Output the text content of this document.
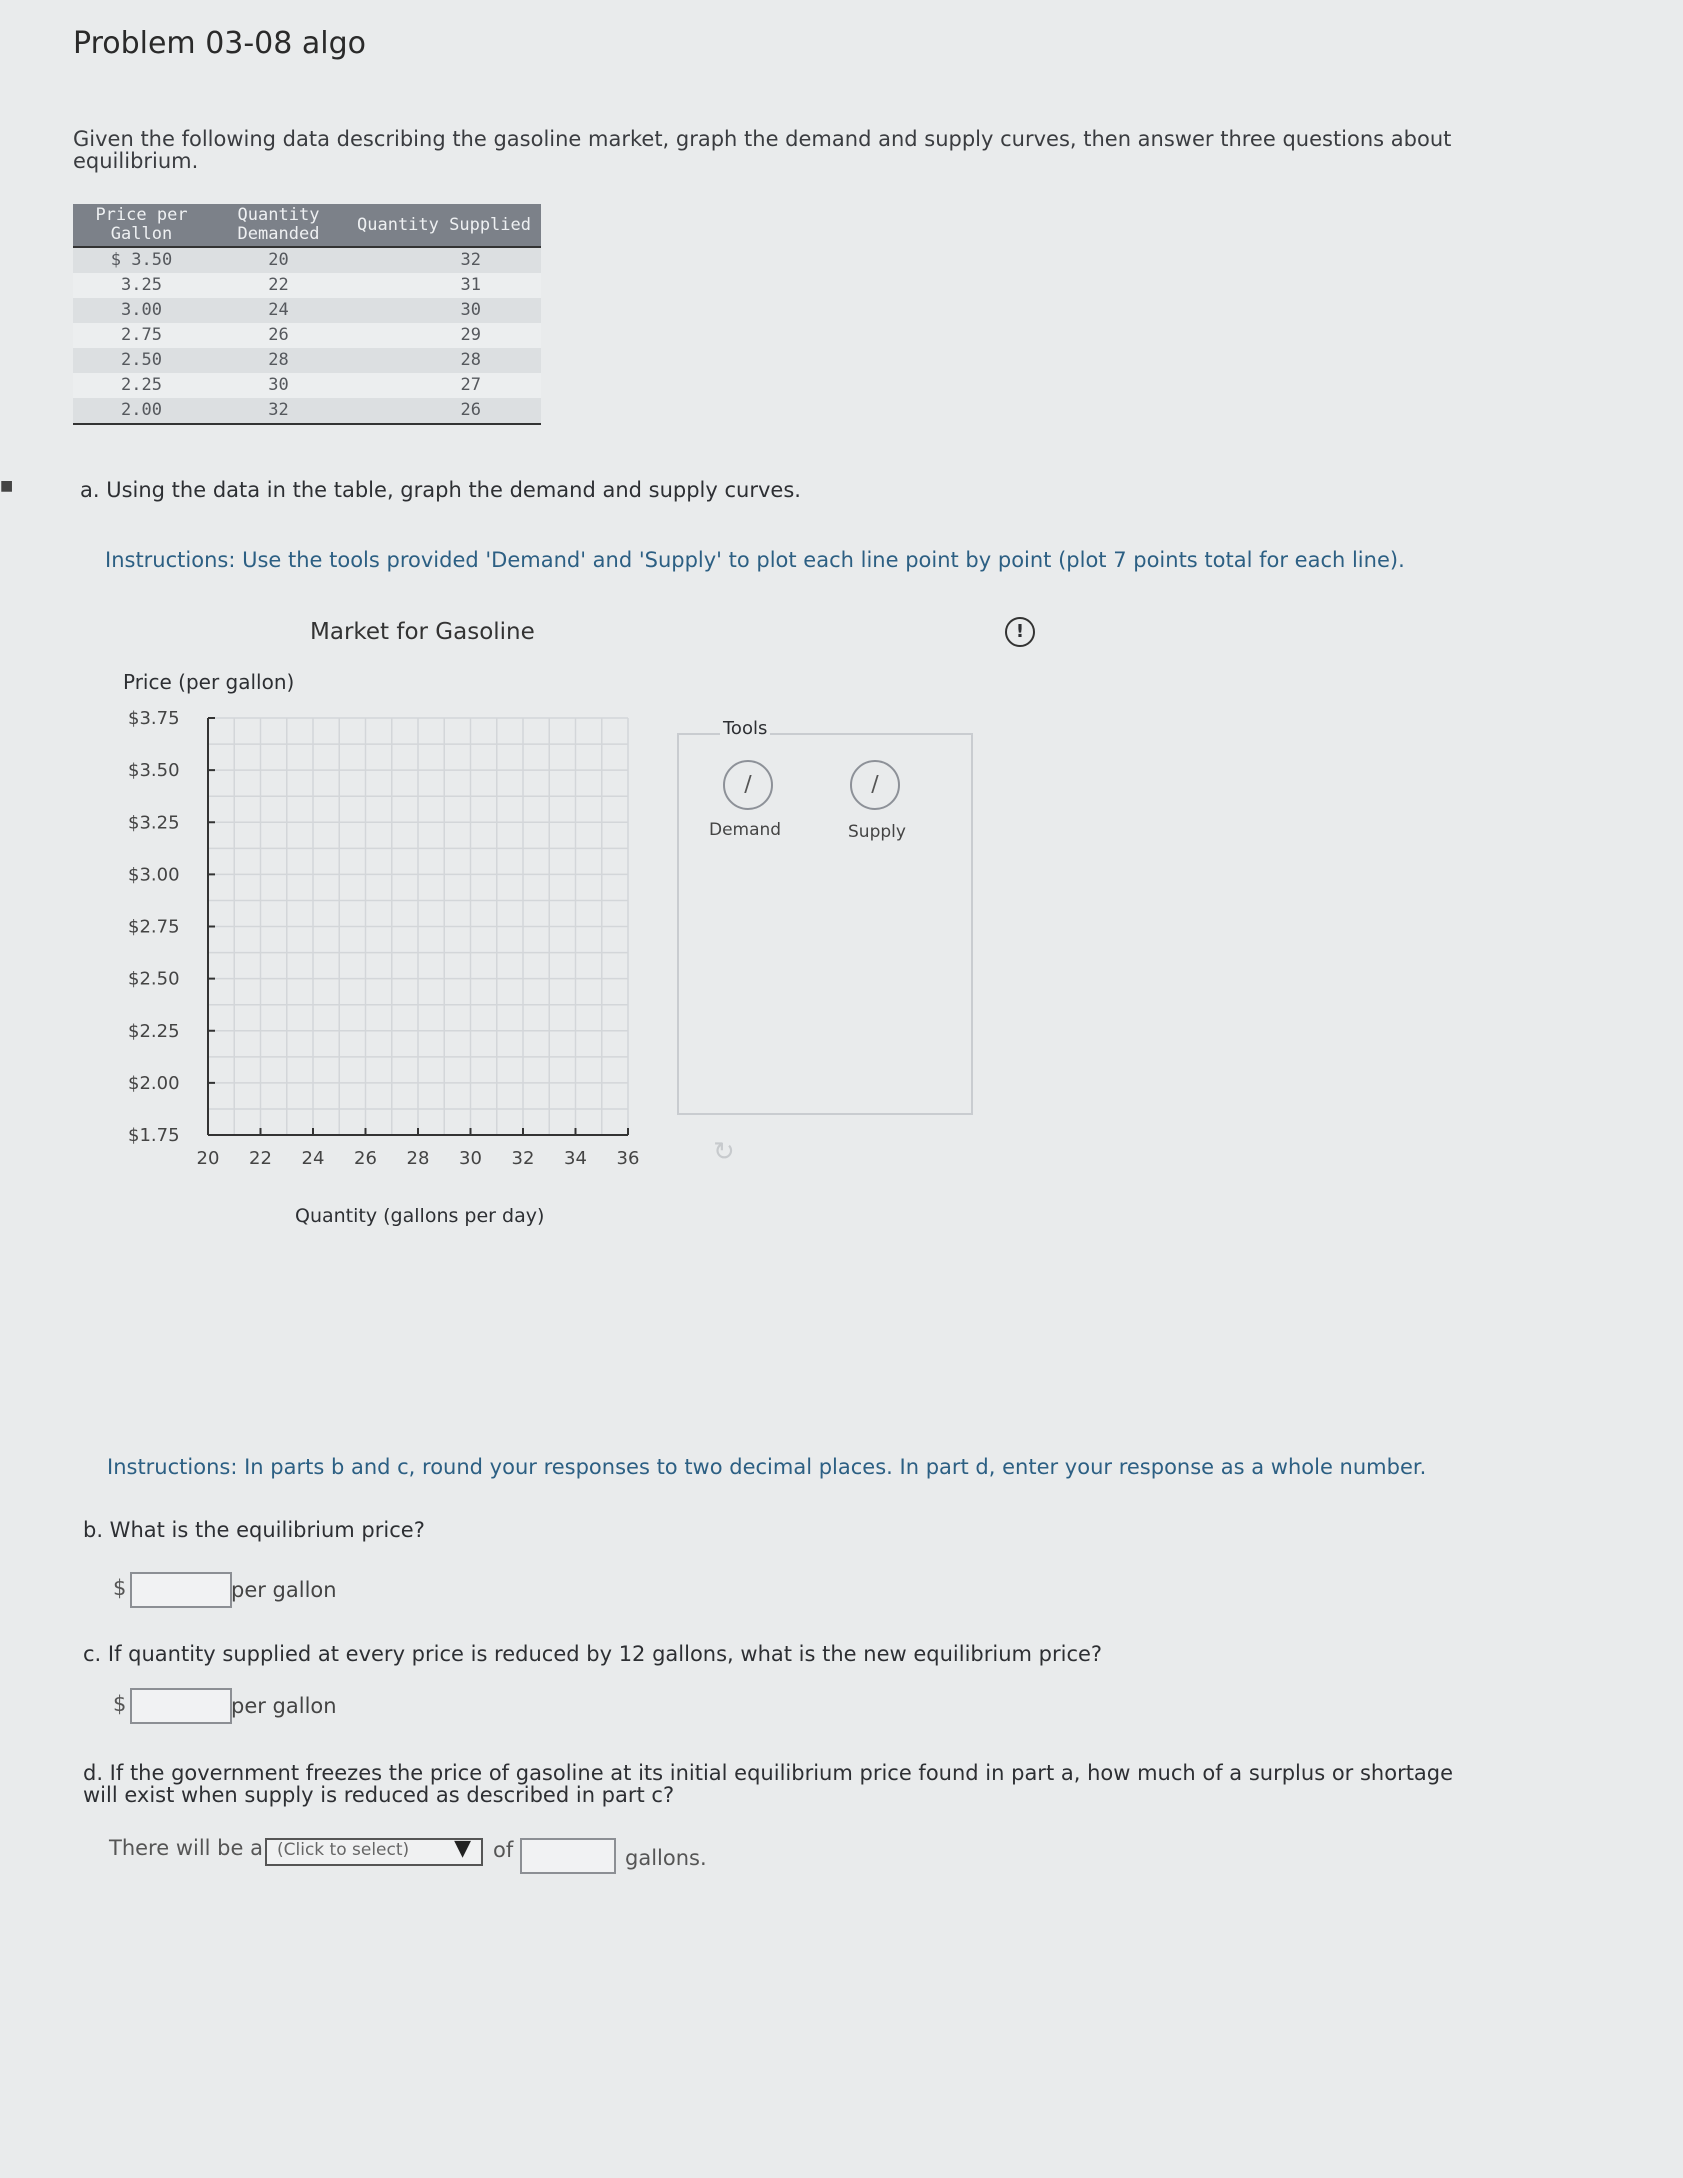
Problem 03-08 algo
Given the following data describing the gasoline market, graph the demand and supply curves, then answer three questions about equilibrium.
Price per Gallon	Quantity Demanded	Quantity Supplied
$ 3.50	20	32
3.25	22	31
3.00	24	30
2.75	26	29
2.50	28	28
2.25	30	27
2.00	32	26
■	a. Using the data in the table, graph the demand and supply curves.
Instructions: Use the tools provided 'Demand' and 'Supply' to plot each line point by point (plot 7 points total for each line).
Market for Gasoline	!
Price (per gallon)
$3.75
$3.50
$3.25
$3.00
$2.75
$2.50
$2.25
$2.00
$1.75
20 22 24 26 28 30 32 34 36
Quantity (gallons per day)
Tools
∕
Demand
∕
Supply
↻
Instructions: In parts b and c, round your responses to two decimal places. In part d, enter your response as a whole number.
b. What is the equilibrium price?
$	per gallon
c. If quantity supplied at every price is reduced by 12 gallons, what is the new equilibrium price?
$	per gallon
d. If the government freezes the price of gasoline at its initial equilibrium price found in part a, how much of a surplus or shortage will exist when supply is reduced as described in part c?
There will be a (Click to select) ▼ of	gallons.
